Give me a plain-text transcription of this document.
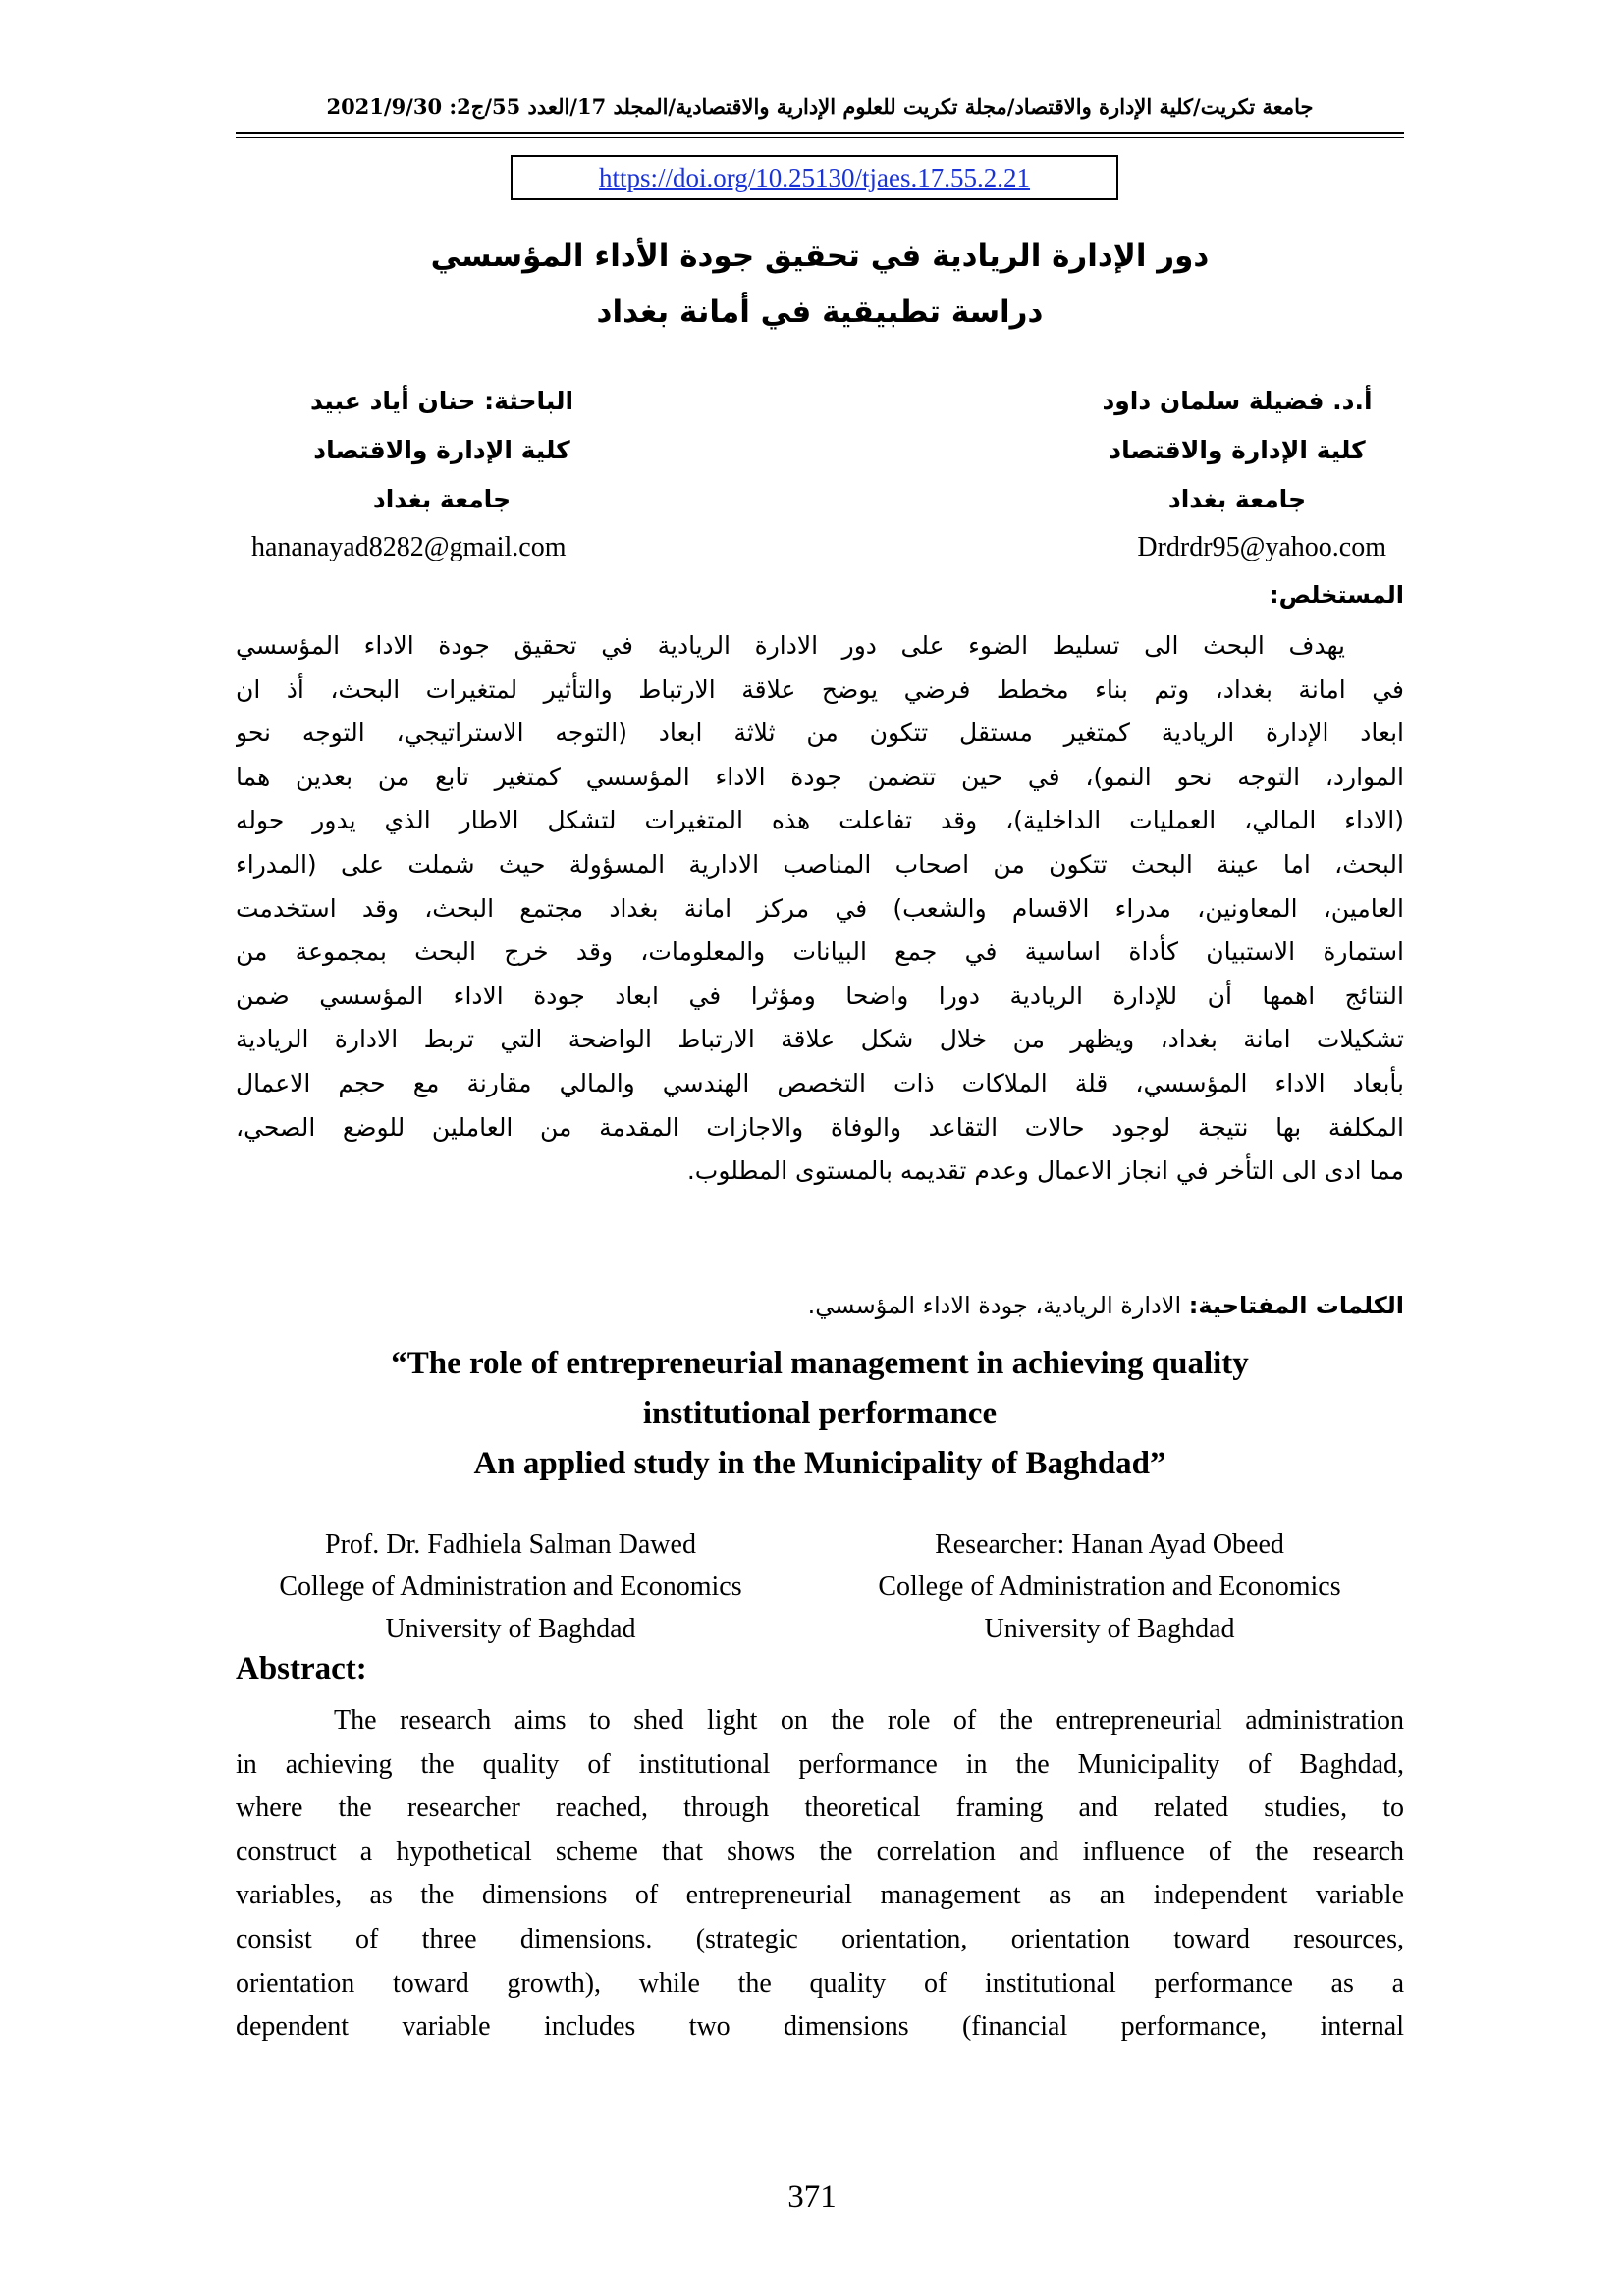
جامعة تكريت/كلية الإدارة والاقتصاد/مجلة تكريت للعلوم الإدارية والاقتصادية/المجلد 17/العدد 55/ج2: 2021/9/30
https://doi.org/10.25130/tjaes.17.55.2.21
دور الإدارة الريادية في تحقيق جودة الأداء المؤسسي
دراسة تطبيقية في أمانة بغداد
أ.د. فضيلة سلمان داود
كلية الإدارة والاقتصاد
جامعة بغداد
الباحثة: حنان أياد عبيد
كلية الإدارة والاقتصاد
جامعة بغداد
Drdrdr95@yahoo.com
hananayad8282@gmail.com
المستخلص:
يهدف البحث الى تسليط الضوء على دور الادارة الريادية في تحقيق جودة الاداء المؤسسي
في امانة بغداد، وتم بناء مخطط فرضي يوضح علاقة الارتباط والتأثير لمتغيرات البحث، أذ ان
ابعاد الإدارة الريادية كمتغير مستقل تتكون من ثلاثة ابعاد (التوجه الاستراتيجي، التوجه نحو
الموارد، التوجه نحو النمو)، في حين تتضمن جودة الاداء المؤسسي كمتغير تابع من بعدين هما
(الاداء المالي، العمليات الداخلية)، وقد تفاعلت هذه المتغيرات لتشكل الاطار الذي يدور حوله
البحث، اما عينة البحث تتكون من اصحاب المناصب الادارية المسؤولة حيث شملت على (المدراء
العامين، المعاونين، مدراء الاقسام والشعب) في مركز امانة بغداد مجتمع البحث، وقد استخدمت
استمارة الاستبيان كأداة اساسية في جمع البيانات والمعلومات، وقد خرج البحث بمجموعة من
النتائج اهمها أن للإدارة الريادية دورا واضحا ومؤثرا في ابعاد جودة الاداء المؤسسي ضمن
تشكيلات امانة بغداد، ويظهر من خلال شكل علاقة الارتباط الواضحة التي تربط الادارة الريادية
بأبعاد الاداء المؤسسي، قلة الملاكات ذات التخصص الهندسي والمالي مقارنة مع حجم الاعمال
المكلفة بها نتيجة لوجود حالات التقاعد والوفاة والاجازات المقدمة من العاملين للوضع الصحي،
مما ادى الى التأخر في انجاز الاعمال وعدم تقديمه بالمستوى المطلوب.
الكلمات المفتاحية: الادارة الريادية، جودة الاداء المؤسسي.
“The role of entrepreneurial management in achieving quality
institutional performance
An applied study in the Municipality of Baghdad”
Prof. Dr. Fadhiela Salman Dawed
College of Administration and Economics
University of Baghdad
Researcher: Hanan Ayad Obeed
College of Administration and Economics
University of Baghdad
Abstract:
The research aims to shed light on the role of the entrepreneurial administration
in achieving the quality of institutional performance in the Municipality of Baghdad,
where the researcher reached, through theoretical framing and related studies, to
construct a hypothetical scheme that shows the correlation and influence of the research
variables, as the dimensions of entrepreneurial management as an independent variable
consist of three dimensions. (strategic orientation, orientation toward resources,
orientation toward growth), while the quality of institutional performance as a
dependent variable includes two dimensions (financial performance, internal
371
